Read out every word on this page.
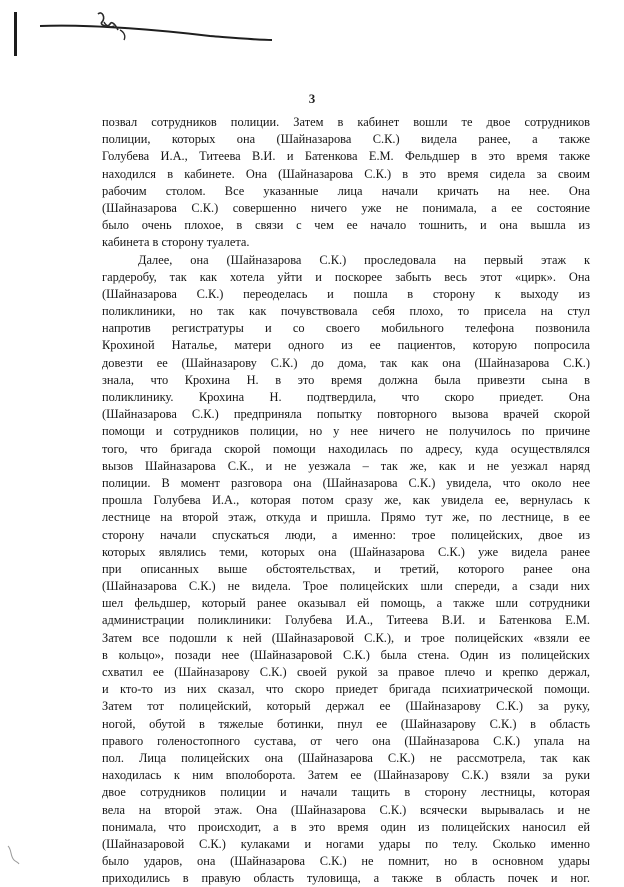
3
позвал сотрудников полиции. Затем в кабинет вошли те двое сотрудников
полиции, которых она (Шайназарова С.К.) видела ранее, а также
Голубева И.А., Титеева В.И. и Батенкова Е.М. Фельдшер в это время также
находился в кабинете. Она (Шайназарова С.К.) в это время сидела за своим
рабочим столом. Все указанные лица начали кричать на нее. Она
(Шайназарова С.К.) совершенно ничего уже не понимала, а ее состояние
было очень плохое, в связи с чем ее начало тошнить, и она вышла из
кабинета в сторону туалета.
Далее, она (Шайназарова С.К.) проследовала на первый этаж к
гардеробу, так как хотела уйти и поскорее забыть весь этот «цирк». Она
(Шайназарова С.К.) переоделась и пошла в сторону к выходу из
поликлиники, но так как почувствовала себя плохо, то присела на стул
напротив регистратуры и со своего мобильного телефона позвонила
Крохиной Наталье, матери одного из ее пациентов, которую попросила
довезти ее (Шайназарову С.К.) до дома, так как она (Шайназарова С.К.)
знала, что Крохина Н. в это время должна была привезти сына в
поликлинику. Крохина Н. подтвердила, что скоро приедет. Она
(Шайназарова С.К.) предприняла попытку повторного вызова врачей скорой
помощи и сотрудников полиции, но у нее ничего не получилось по причине
того, что бригада скорой помощи находилась по адресу, куда осуществлялся
вызов Шайназарова С.К., и не уезжала – так же, как и не уезжал наряд
полиции. В момент разговора она (Шайназарова С.К.) увидела, что около нее
прошла Голубева И.А., которая потом сразу же, как увидела ее, вернулась к
лестнице на второй этаж, откуда и пришла. Прямо тут же, по лестнице, в ее
сторону начали спускаться люди, а именно: трое полицейских, двое из
которых являлись теми, которых она (Шайназарова С.К.) уже видела ранее
при описанных выше обстоятельствах, и третий, которого ранее она
(Шайназарова С.К.) не видела. Трое полицейских шли спереди, а сзади них
шел фельдшер, который ранее оказывал ей помощь, а также шли сотрудники
администрации поликлиники: Голубева И.А., Титеева В.И. и Батенкова Е.М.
Затем все подошли к ней (Шайназаровой С.К.), и трое полицейских «взяли ее
в кольцо», позади нее (Шайназаровой С.К.) была стена. Один из полицейских
схватил ее (Шайназарову С.К.) своей рукой за правое плечо и крепко держал,
и кто-то из них сказал, что скоро приедет бригада психиатрической помощи.
Затем тот полицейский, который держал ее (Шайназарову С.К.) за руку,
ногой, обутой в тяжелые ботинки, пнул ее (Шайназарову С.К.) в область
правого голеностопного сустава, от чего она (Шайназарова С.К.) упала на
пол. Лица полицейских она (Шайназарова С.К.) не рассмотрела, так как
находилась к ним вполоборота. Затем ее (Шайназарову С.К.) взяли за руки
двое сотрудников полиции и начали тащить в сторону лестницы, которая
вела на второй этаж. Она (Шайназарова С.К.) всячески вырывалась и не
понимала, что происходит, а в это время один из полицейских наносил ей
(Шайназаровой С.К.) кулаками и ногами удары по телу. Сколько именно
было ударов, она (Шайназарова С.К.) не помнит, но в основном удары
приходились в правую область туловища, а также в область почек и ног.
